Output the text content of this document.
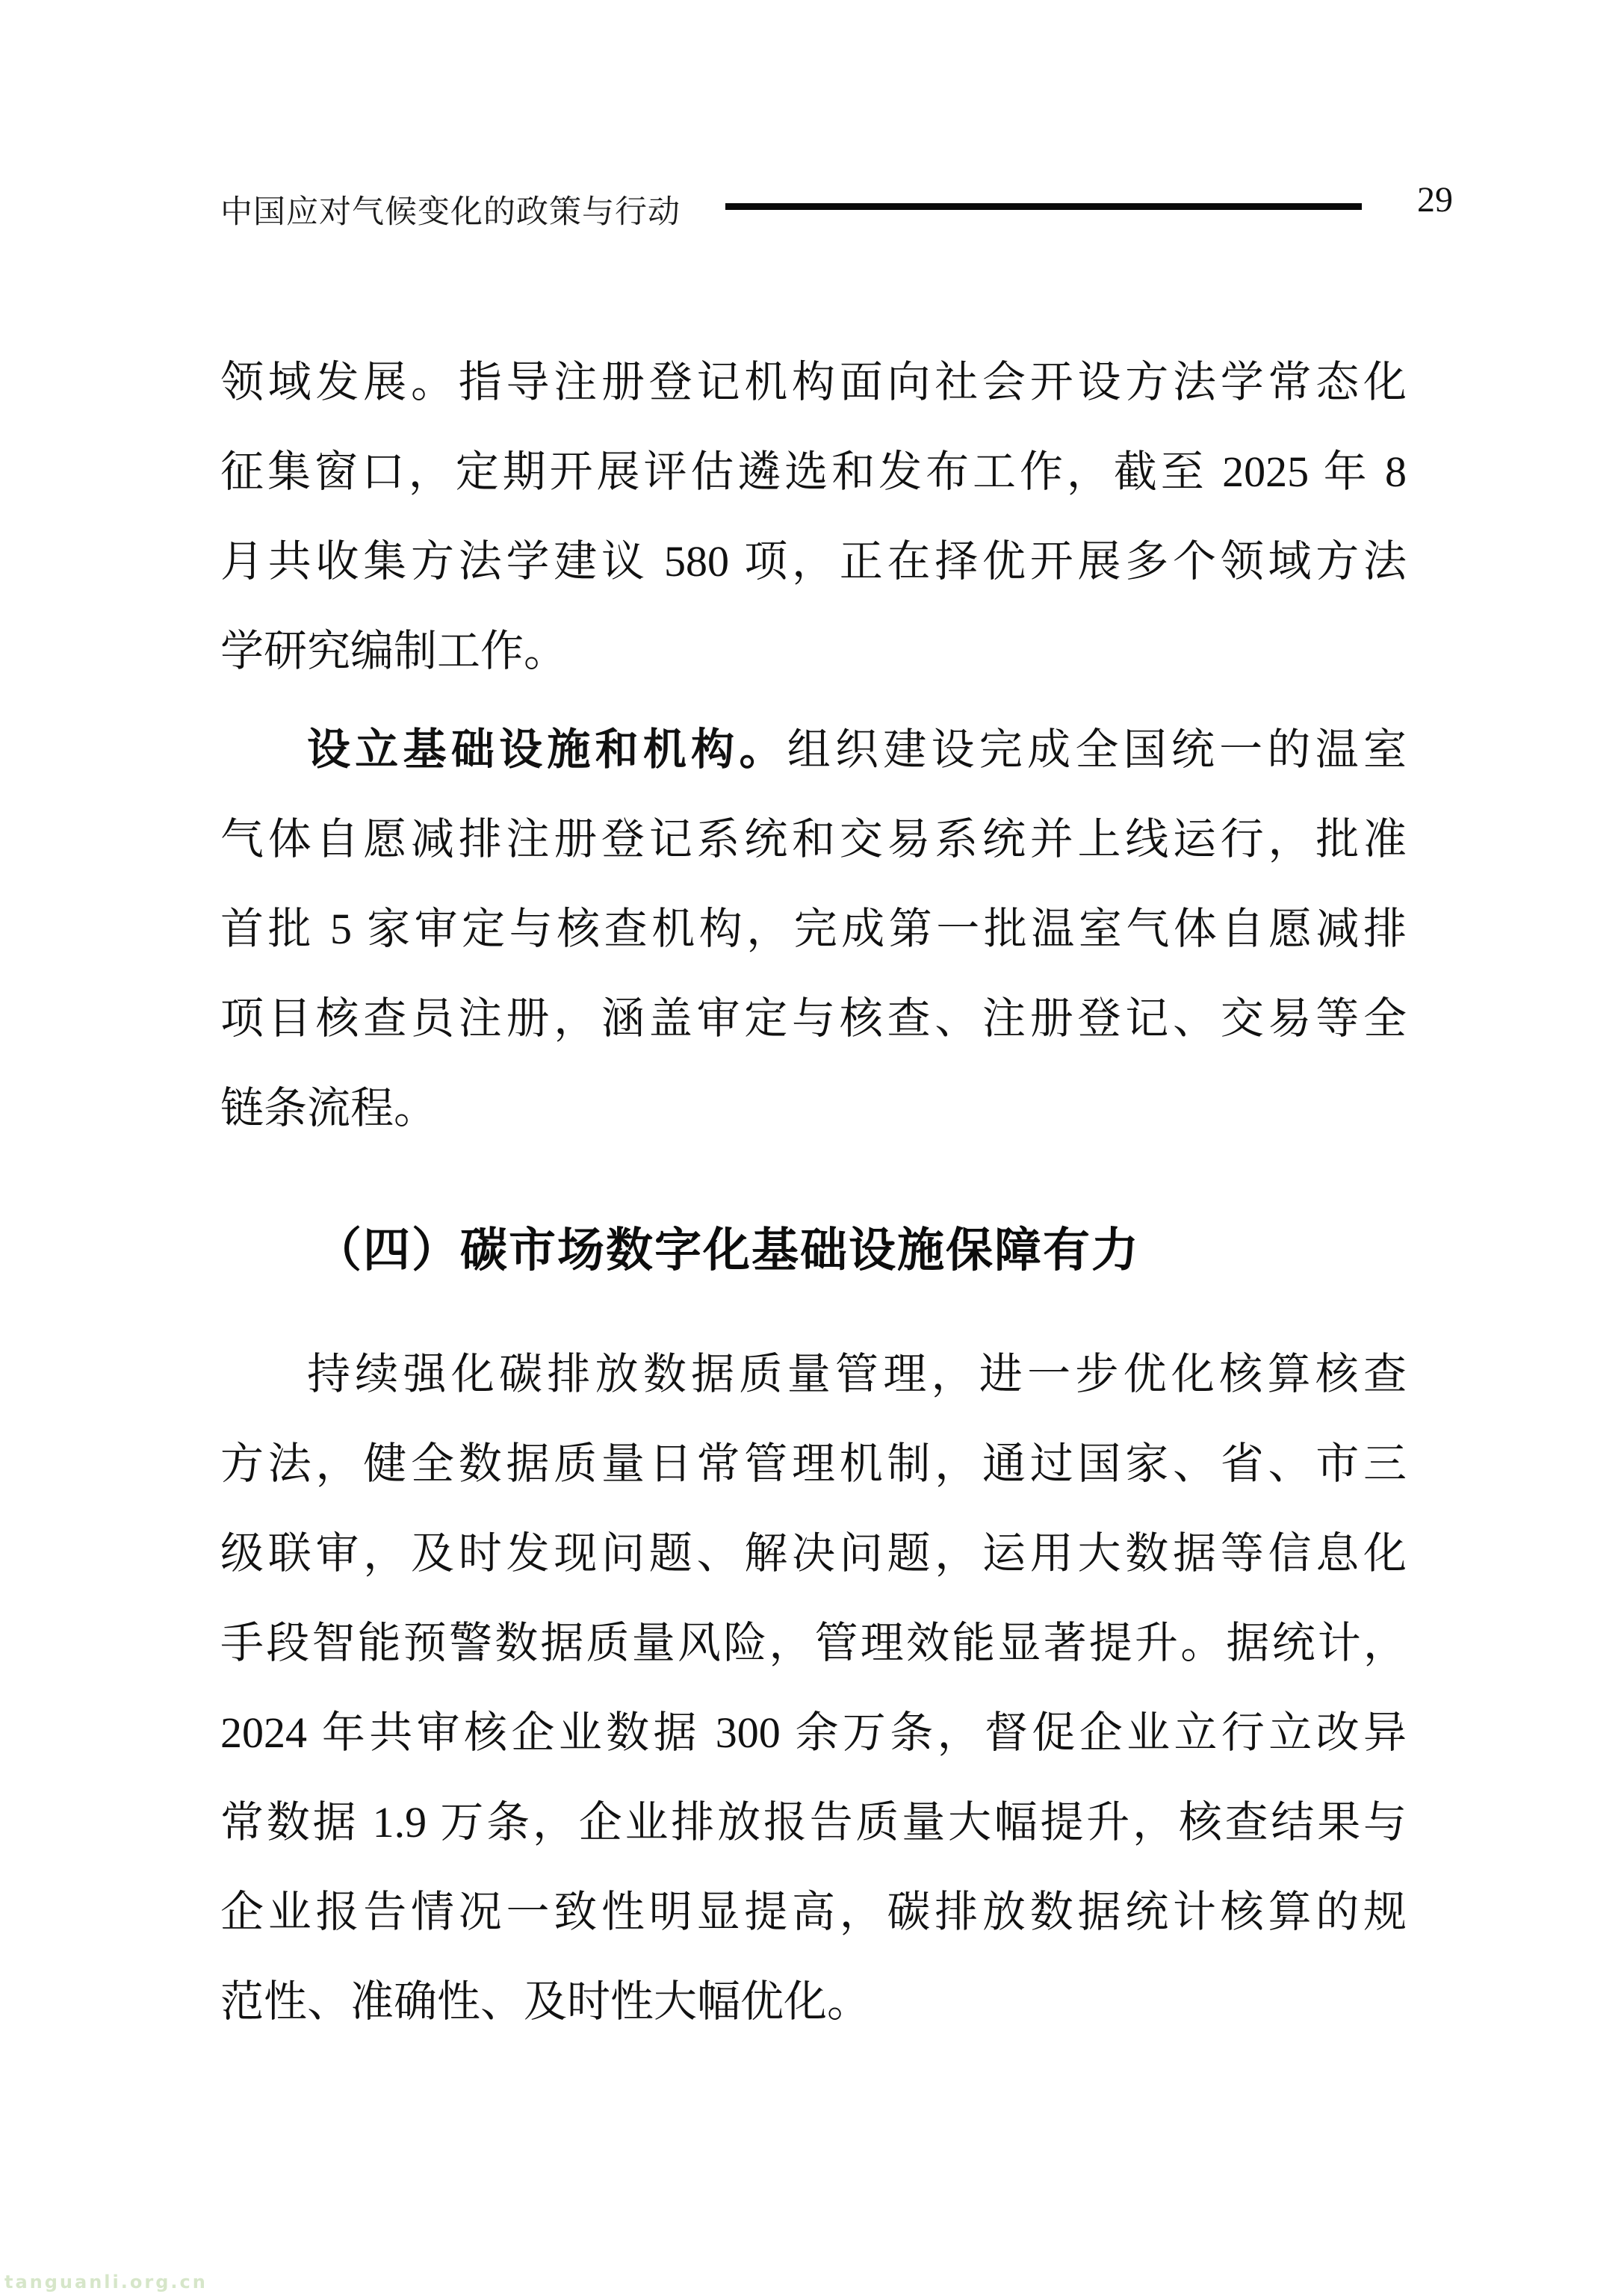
中国应对气候变化的政策与行动	29
领域发展。指导注册登记机构面向社会开设方法学常态化
征集窗口，定期开展评估遴选和发布工作，截至 2025 年 8
月共收集方法学建议 580 项，正在择优开展多个领域方法
学研究编制工作。
设立基础设施和机构。组织建设完成全国统一的温室
气体自愿减排注册登记系统和交易系统并上线运行，批准
首批 5 家审定与核查机构，完成第一批温室气体自愿减排
项目核查员注册，涵盖审定与核查、注册登记、交易等全
链条流程。
（四）碳市场数字化基础设施保障有力
持续强化碳排放数据质量管理，进一步优化核算核查
方法，健全数据质量日常管理机制，通过国家、省、市三
级联审，及时发现问题、解决问题，运用大数据等信息化
手段智能预警数据质量风险，管理效能显著提升。据统计，
2024 年共审核企业数据 300 余万条，督促企业立行立改异
常数据 1.9 万条，企业排放报告质量大幅提升，核查结果与
企业报告情况一致性明显提高，碳排放数据统计核算的规
范性、准确性、及时性大幅优化。
tanguanli.org.cn
